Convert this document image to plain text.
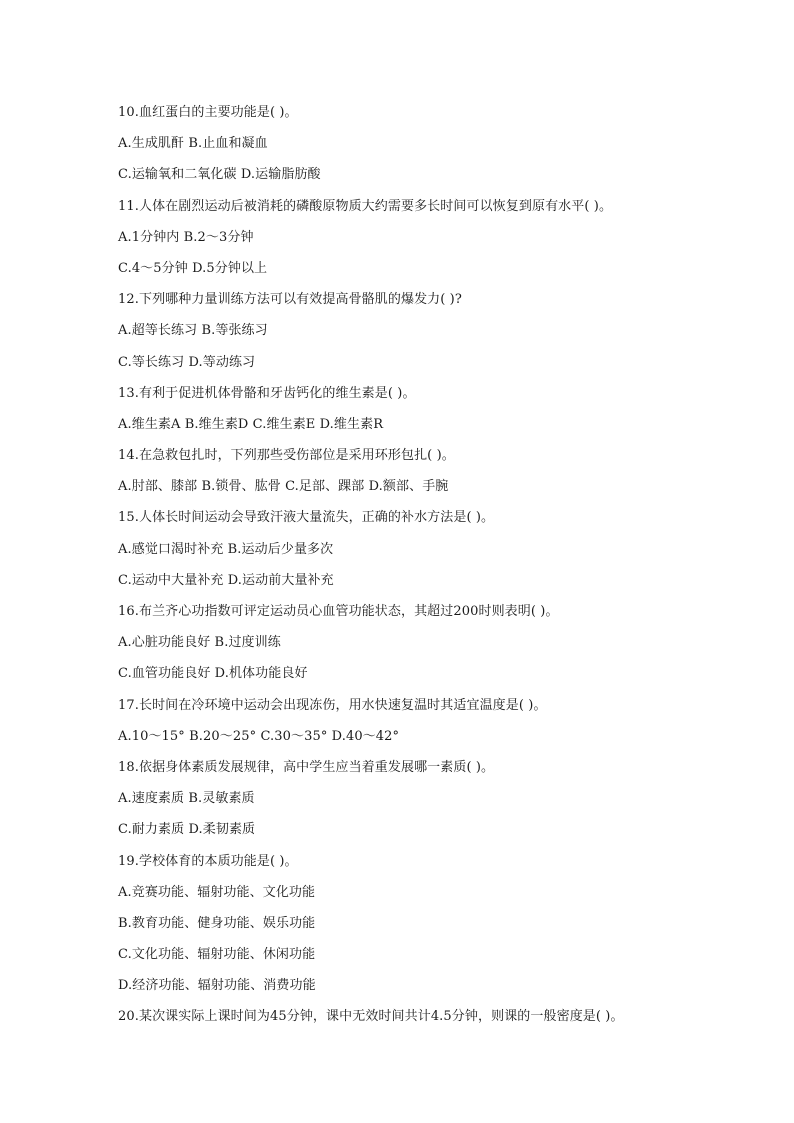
10.血红蛋白的主要功能是( )。
A.生成肌酐 B.止血和凝血
C.运输氧和二氧化碳 D.运输脂肪酸
11.人体在剧烈运动后被消耗的磷酸原物质大约需要多长时间可以恢复到原有水平( )。
A.1分钟内 B.2～3分钟
C.4～5分钟 D.5分钟以上
12.下列哪种力量训练方法可以有效提高骨骼肌的爆发力( )?
A.超等长练习 B.等张练习
C.等长练习 D.等动练习
13.有利于促进机体骨骼和牙齿钙化的维生素是( )。
A.维生素A B.维生素D C.维生素E D.维生素R
14.在急救包扎时，下列那些受伤部位是采用环形包扎( )。
A.肘部、膝部 B.锁骨、肱骨 C.足部、踝部 D.额部、手腕
15.人体长时间运动会导致汗液大量流失，正确的补水方法是( )。
A.感觉口渴时补充 B.运动后少量多次
C.运动中大量补充 D.运动前大量补充
16.布兰齐心功指数可评定运动员心血管功能状态，其超过200时则表明( )。
A.心脏功能良好 B.过度训练
C.血管功能良好 D.机体功能良好
17.长时间在冷环境中运动会出现冻伤，用水快速复温时其适宜温度是( )。
A.10～15° B.20～25° C.30～35° D.40～42°
18.依据身体素质发展规律，高中学生应当着重发展哪一素质( )。
A.速度素质 B.灵敏素质
C.耐力素质 D.柔韧素质
19.学校体育的本质功能是( )。
A.竞赛功能、辐射功能、文化功能
B.教育功能、健身功能、娱乐功能
C.文化功能、辐射功能、休闲功能
D.经济功能、辐射功能、消费功能
20.某次课实际上课时间为45分钟，课中无效时间共计4.5分钟，则课的一般密度是( )。
